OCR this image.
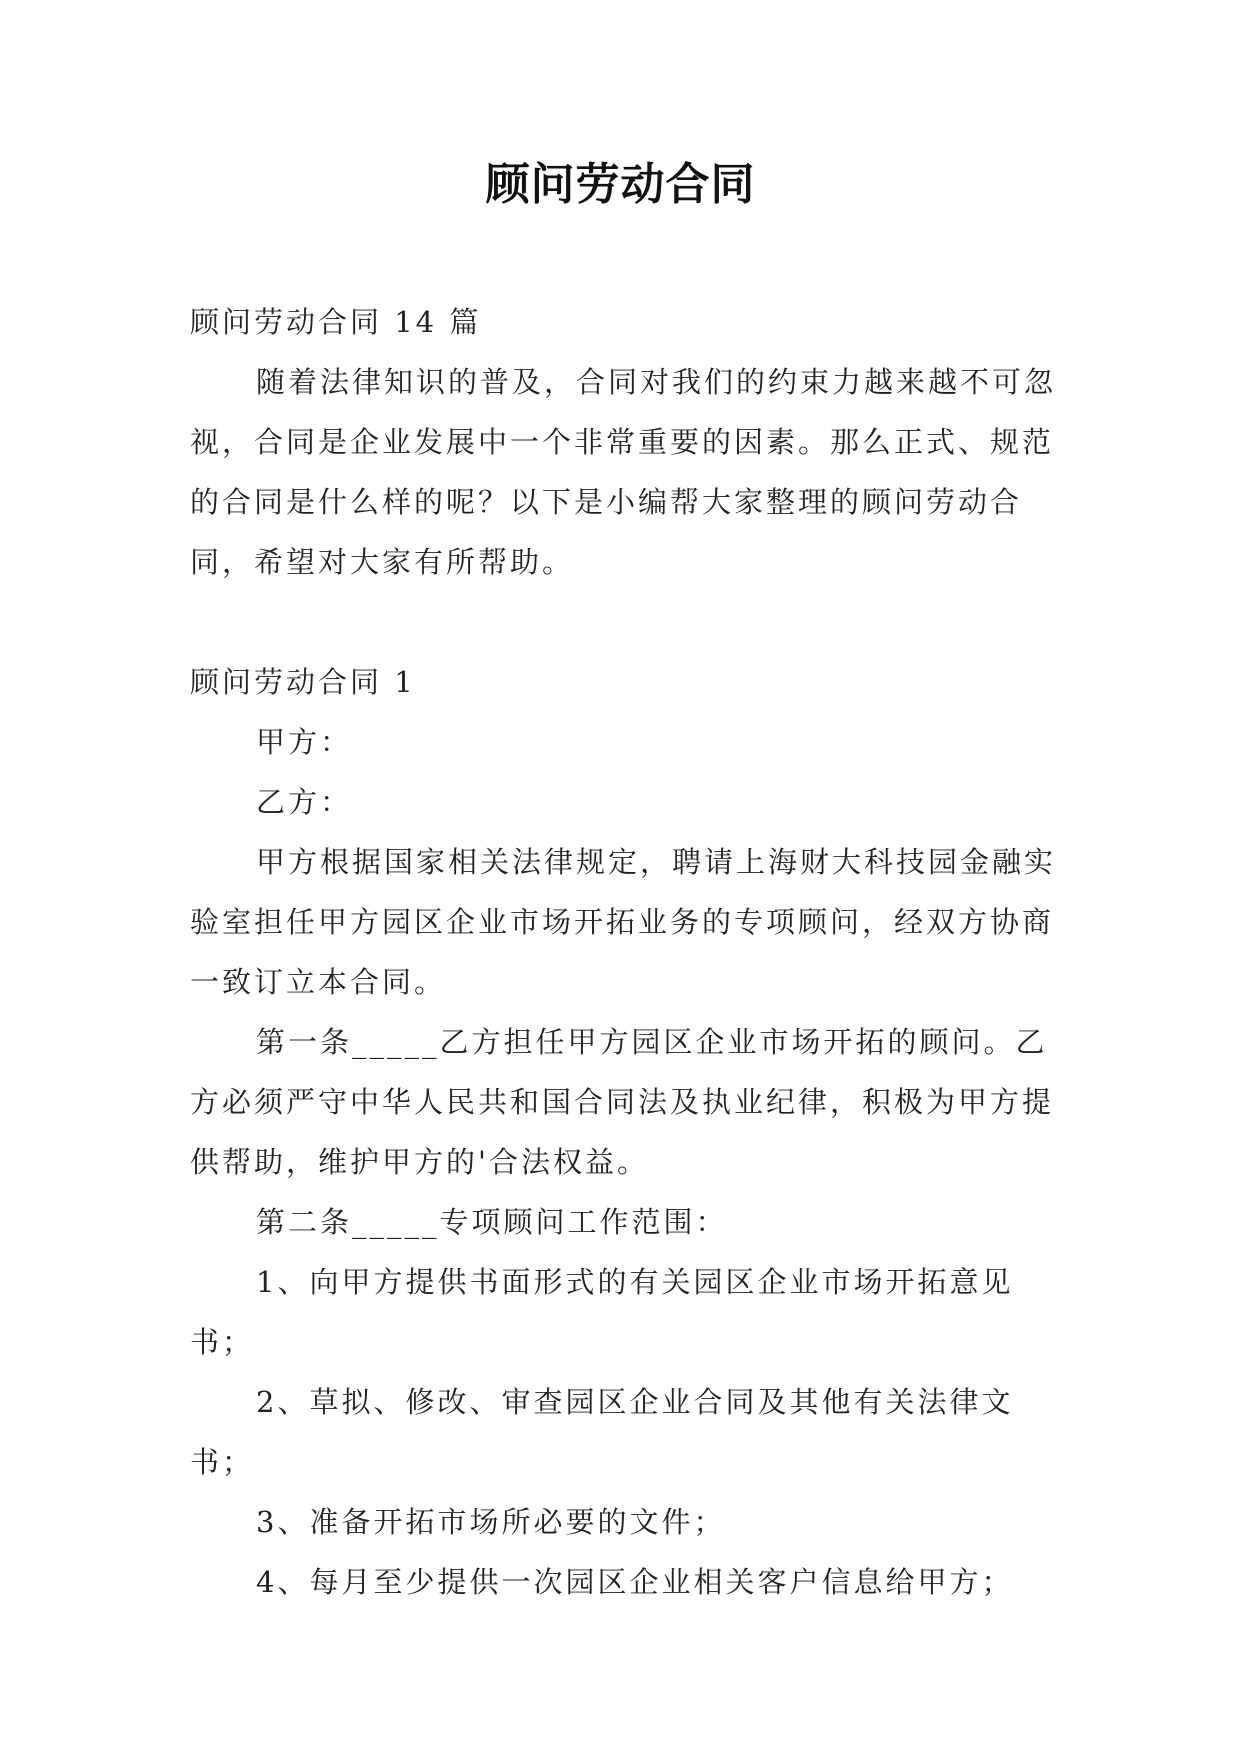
顾问劳动合同

顾问劳动合同 14 篇

随着法律知识的普及，合同对我们的约束力越来越不可忽视，合同是企业发展中一个非常重要的因素。那么正式、规范的合同是什么样的呢？以下是小编帮大家整理的顾问劳动合同，希望对大家有所帮助。

顾问劳动合同 1

甲方：

乙方：

甲方根据国家相关法律规定，聘请上海财大科技园金融实验室担任甲方园区企业市场开拓业务的专项顾问，经双方协商一致订立本合同。

第一条_____乙方担任甲方园区企业市场开拓的顾问。乙方必须严守中华人民共和国合同法及执业纪律，积极为甲方提供帮助，维护甲方的'合法权益。

第二条_____专项顾问工作范围：

1、向甲方提供书面形式的有关园区企业市场开拓意见书；

2、草拟、修改、审查园区企业合同及其他有关法律文书；

3、准备开拓市场所必要的文件；

4、每月至少提供一次园区企业相关客户信息给甲方；
